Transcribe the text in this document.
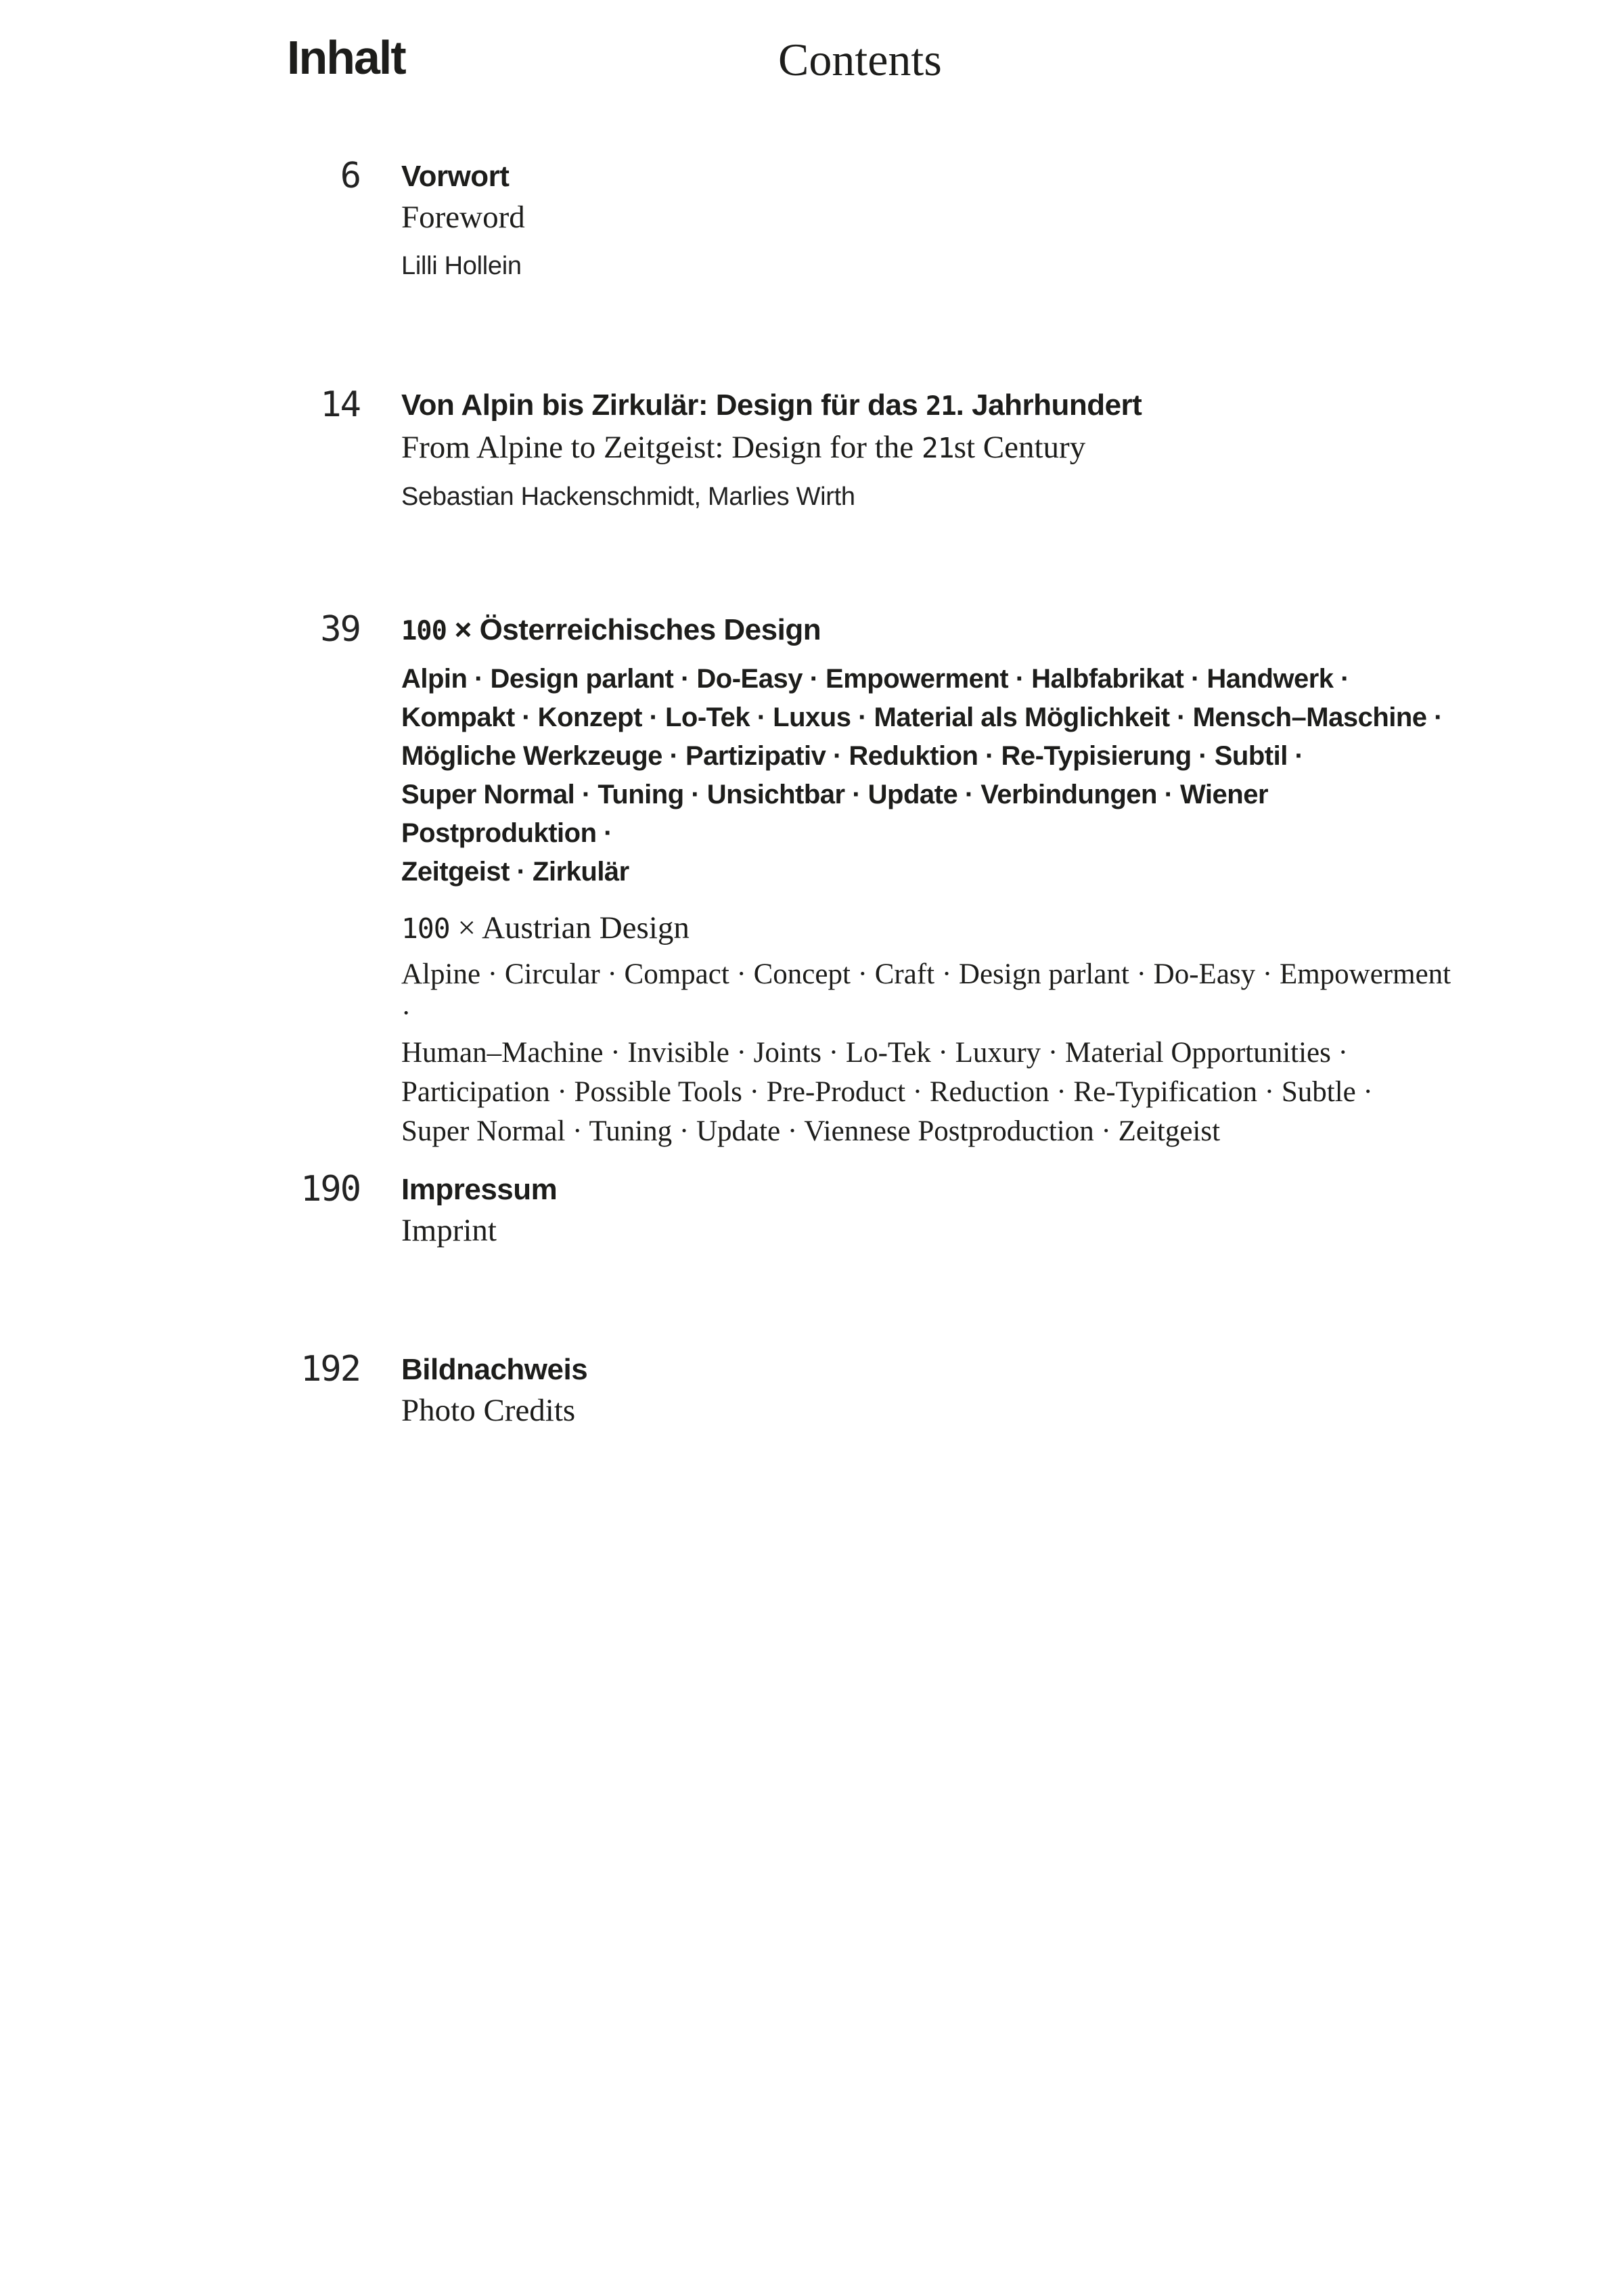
Inhalt	Contents
6 Vorwort
Foreword
Lilli Hollein
14 Von Alpin bis Zirkulär: Design für das 21. Jahrhundert
From Alpine to Zeitgeist: Design for the 21st Century
Sebastian Hackenschmidt, Marlies Wirth
39 100 × Österreichisches Design
Alpin · Design parlant · Do-Easy · Empowerment · Halbfabrikat · Handwerk ·
Kompakt · Konzept · Lo-Tek · Luxus · Material als Möglichkeit · Mensch–Maschine ·
Mögliche Werkzeuge · Partizipativ · Reduktion · Re-Typisierung · Subtil ·
Super Normal · Tuning · Unsichtbar · Update · Verbindungen · Wiener Postproduktion ·
Zeitgeist · Zirkulär
100 × Austrian Design
Alpine · Circular · Compact · Concept · Craft · Design parlant · Do-Easy · Empowerment ·
Human–Machine · Invisible · Joints · Lo-Tek · Luxury · Material Opportunities ·
Participation · Possible Tools · Pre-Product · Reduction · Re-Typification · Subtle ·
Super Normal · Tuning · Update · Viennese Postproduction · Zeitgeist
190 Impressum
Imprint
192 Bildnachweis
Photo Credits
